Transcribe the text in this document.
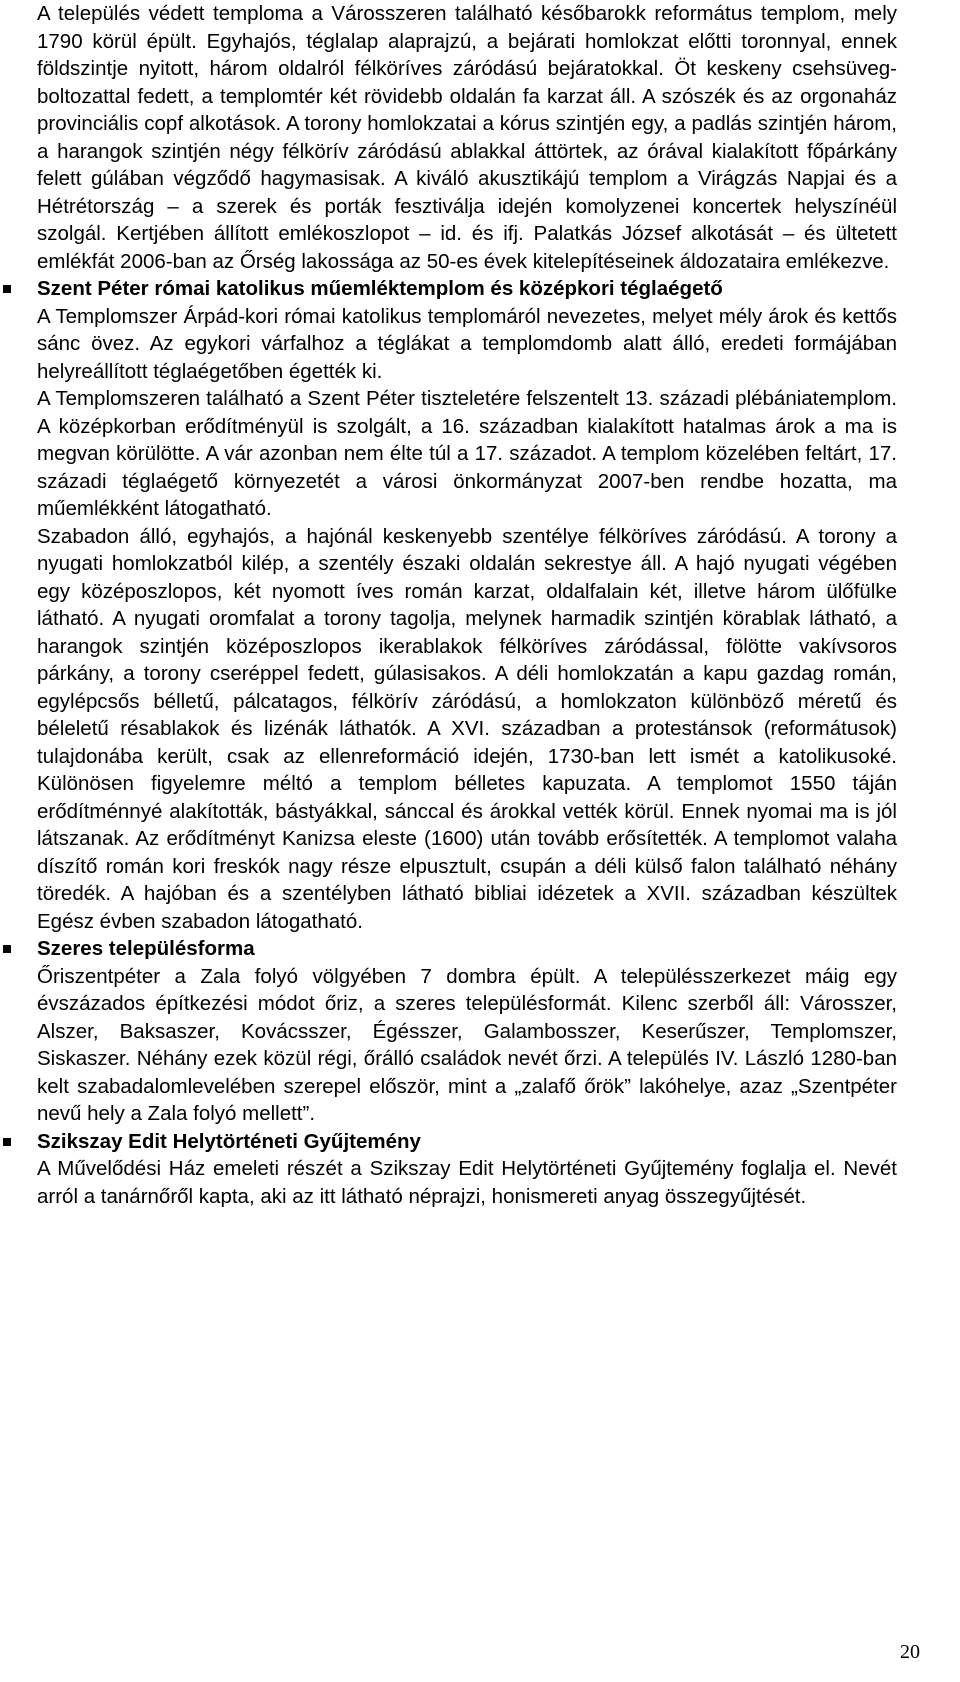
A település védett temploma a Városszeren található későbarokk református templom, mely 1790 körül épült. Egyhajós, téglalap alaprajzú, a bejárati homlokzat előtti toronnyal, ennek földszintje nyitott, három oldalról félköríves záródású bejáratokkal. Öt keskeny csehsüveg- boltozattal fedett, a templomtér két rövidebb oldalán fa karzat áll. A szószék és az orgonaház provinciális copf alkotások. A torony homlokzatai a kórus szintjén egy, a padlás szintjén három, a harangok szintjén négy félkörív záródású ablakkal áttörtek, az órával kialakított főpárkány felett gúlában végződő hagymasisak. A kiváló akusztikájú templom a Virágzás Napjai és a Hétrétország – a szerek és porták fesztiválja idején komolyzenei koncertek helyszínéül szolgál. Kertjében állított emlékoszlopot – id. és ifj. Palatkás József alkotását – és ültetett emlékfát 2006-ban az Őrség lakossága az 50-es évek kitelepítéseinek áldozataira emlékezve.

Szent Péter római katolikus műemléktemplom és középkori téglaégető

A Templomszer Árpád-kori római katolikus templomáról nevezetes, melyet mély árok és kettős sánc övez. Az egykori várfalhoz a téglákat a templomdomb alatt álló, eredeti formájában helyreállított téglaégetőben égették ki.

A Templomszeren található a Szent Péter tiszteletére felszentelt 13. századi plébániatemplom. A középkorban erődítményül is szolgált, a 16. században kialakított hatalmas árok a ma is megvan körülötte. A vár azonban nem élte túl a 17. századot. A templom közelében feltárt, 17. századi téglaégető környezetét a városi önkormányzat 2007-ben rendbe hozatta, ma műemlékként látogatható.

Szabadon álló, egyhajós, a hajónál keskenyebb szentélye félköríves záródású. A torony a nyugati homlokzatból kilép, a szentély északi oldalán sekrestye áll. A hajó nyugati végében egy középoszlopos, két nyomott íves román karzat, oldalfalain két, illetve három ülőfülke látható. A nyugati oromfalat a torony tagolja, melynek harmadik szintjén körablak látható, a harangok szintjén középoszlopos ikerablakok félköríves záródással, fölötte vakívsoros párkány, a torony cseréppel fedett, gúlasisakos. A déli homlokzatán a kapu gazdag román, egylépcsős bélletű, pálcatagos, félkörív záródású, a homlokzaton különböző méretű és béleletű résablakok és lizénák láthatók. A XVI. században a protestánsok (reformátusok) tulajdonába került, csak az ellenreformáció idején, 1730-ban lett ismét a katolikusoké. Különösen figyelemre méltó a templom bélletes kapuzata. A templomot 1550 táján erődítménnyé alakították, bástyákkal, sánccal és árokkal vették körül. Ennek nyomai ma is jól látszanak. Az erődítményt Kanizsa eleste (1600) után tovább erősítették. A templomot valaha díszítő román kori freskók nagy része elpusztult, csupán a déli külső falon található néhány töredék. A hajóban és a szentélyben látható bibliai idézetek a XVII. században készültek Egész évben szabadon látogatható.

Szeres településforma

Őriszentpéter a Zala folyó völgyében 7 dombra épült. A településszerkezet máig egy évszázados építkezési módot őriz, a szeres településformát. Kilenc szerből áll: Városszer, Alszer, Baksaszer, Kovácsszer, Égésszer, Galambosszer, Keserűszer, Templomszer, Siskaszer. Néhány ezek közül régi, őrálló családok nevét őrzi. A település IV. László 1280-ban kelt szabadalomlevelében szerepel először, mint a „zalafő őrök” lakóhelye, azaz „Szentpéter nevű hely a Zala folyó mellett”.

Szikszay Edit Helytörténeti Gyűjtemény

A Művelődési Ház emeleti részét a Szikszay Edit Helytörténeti Gyűjtemény foglalja el. Nevét arról a tanárnőről kapta, aki az itt látható néprajzi, honismereti anyag összegyűjtését.

20
